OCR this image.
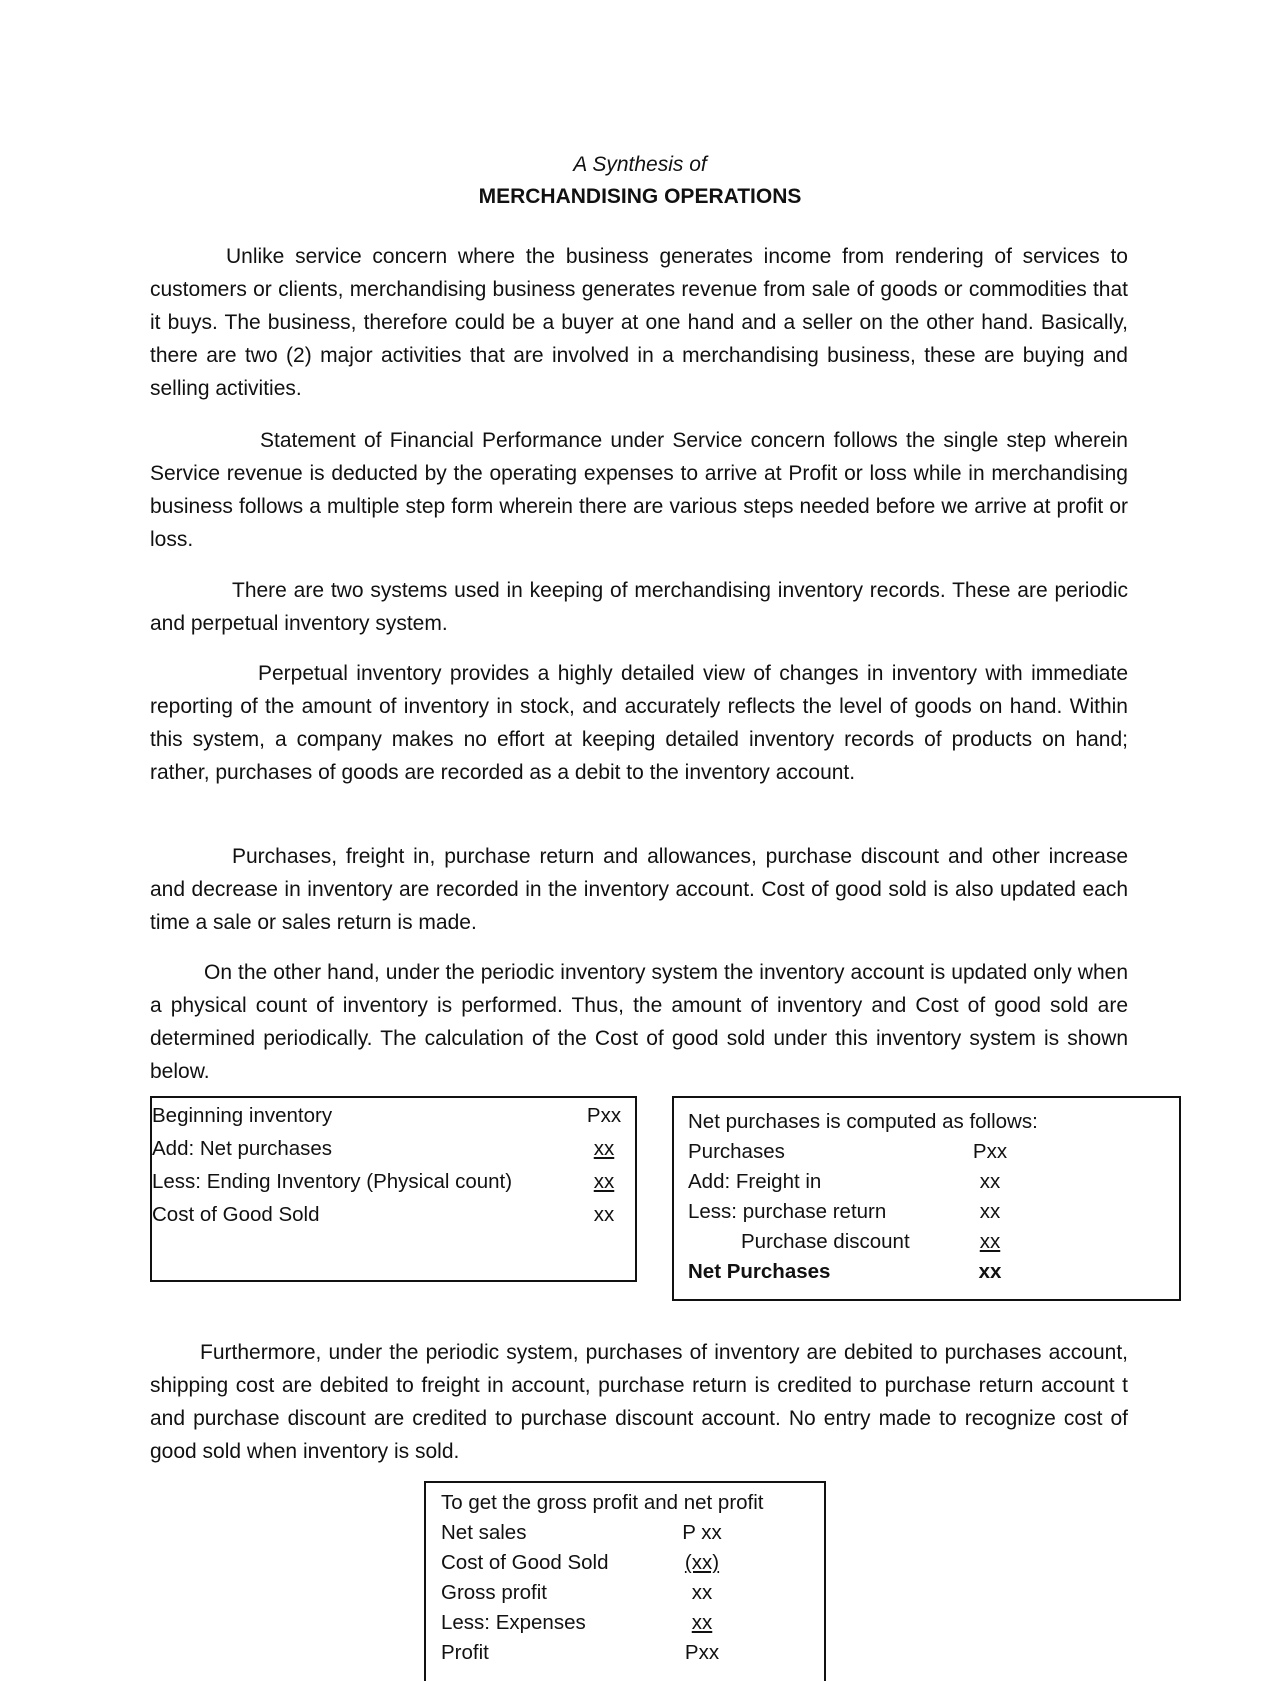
A Synthesis of
MERCHANDISING OPERATIONS

Unlike service concern where the business generates income from rendering of services to customers or clients, merchandising business generates revenue from sale of goods or commodities that it buys. The business, therefore could be a buyer at one hand and a seller on the other hand. Basically, there are two (2) major activities that are involved in a merchandising business, these are buying and selling activities.

Statement of Financial Performance under Service concern follows the single step wherein Service revenue is deducted by the operating expenses to arrive at Profit or loss while in merchandising business follows a multiple step form wherein there are various steps needed before we arrive at profit or loss.

There are two systems used in keeping of merchandising inventory records. These are periodic and perpetual inventory system.

Perpetual inventory provides a highly detailed view of changes in inventory with immediate reporting of the amount of inventory in stock, and accurately reflects the level of goods on hand. Within this system, a company makes no effort at keeping detailed inventory records of products on hand; rather, purchases of goods are recorded as a debit to the inventory account.

Purchases, freight in, purchase return and allowances, purchase discount and other increase and decrease in inventory are recorded in the inventory account. Cost of good sold is also updated each time a sale or sales return is made.

On the other hand, under the periodic inventory system the inventory account is updated only when a physical count of inventory is performed. Thus, the amount of inventory and Cost of good sold are determined periodically. The calculation of the Cost of good sold under this inventory system is shown below.

Beginning inventory	Pxx
Add: Net purchases	xx
Less: Ending Inventory (Physical count)	xx
Cost of Good Sold	xx
Net purchases is computed as follows:
Purchases	Pxx
Add: Freight in	xx
Less: purchase return	xx
Purchase discount	xx
Net Purchases	xx

Furthermore, under the periodic system, purchases of inventory are debited to purchases account, shipping cost are debited to freight in account, purchase return is credited to purchase return account t and purchase discount are credited to purchase discount account. No entry made to recognize cost of good sold when inventory is sold.

To get the gross profit and net profit
Net sales	P xx
Cost of Good Sold	(xx)
Gross profit	xx
Less: Expenses	xx
Profit	Pxx
